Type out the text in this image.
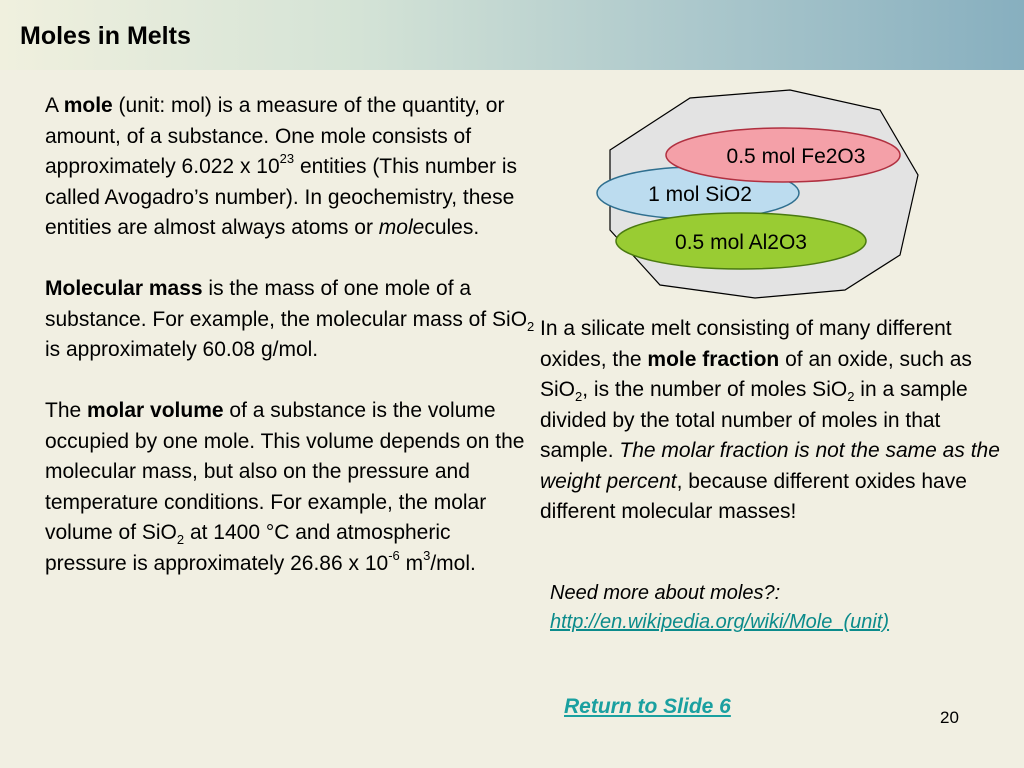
Moles in Melts

A mole (unit: mol) is a measure of the quantity, or amount, of a substance. One mole consists of approximately 6.022 x $10^{23}$ entities (This number is called Avogadro’s number). In geochemistry, these entities are almost always atoms or molecules.

Molecular mass is the mass of one mole of a substance. For example, the molecular mass of SiO$_2$ is approximately 60.08 g/mol.

The molar volume of a substance is the volume occupied by one mole. This volume depends on the molecular mass, but also on the pressure and temperature conditions. For example, the molar volume of SiO$_2$ at 1400 °C and atmospheric pressure is approximately 26.86 x $10^{-6}$ $m^3$/mol.

0.5 mol Fe2O3
1 mol SiO2
0.5 mol Al2O3
In a silicate melt consisting of many different oxides, the mole fraction of an oxide, such as SiO$_2$, is the number of moles SiO$_2$ in a sample divided by the total number of moles in that sample. The molar fraction is not the same as the weight percent, because different oxides have different molecular masses!
Need more about moles?:
http://en.wikipedia.org/wiki/Mole_(unit)
Return to Slide 6	20
